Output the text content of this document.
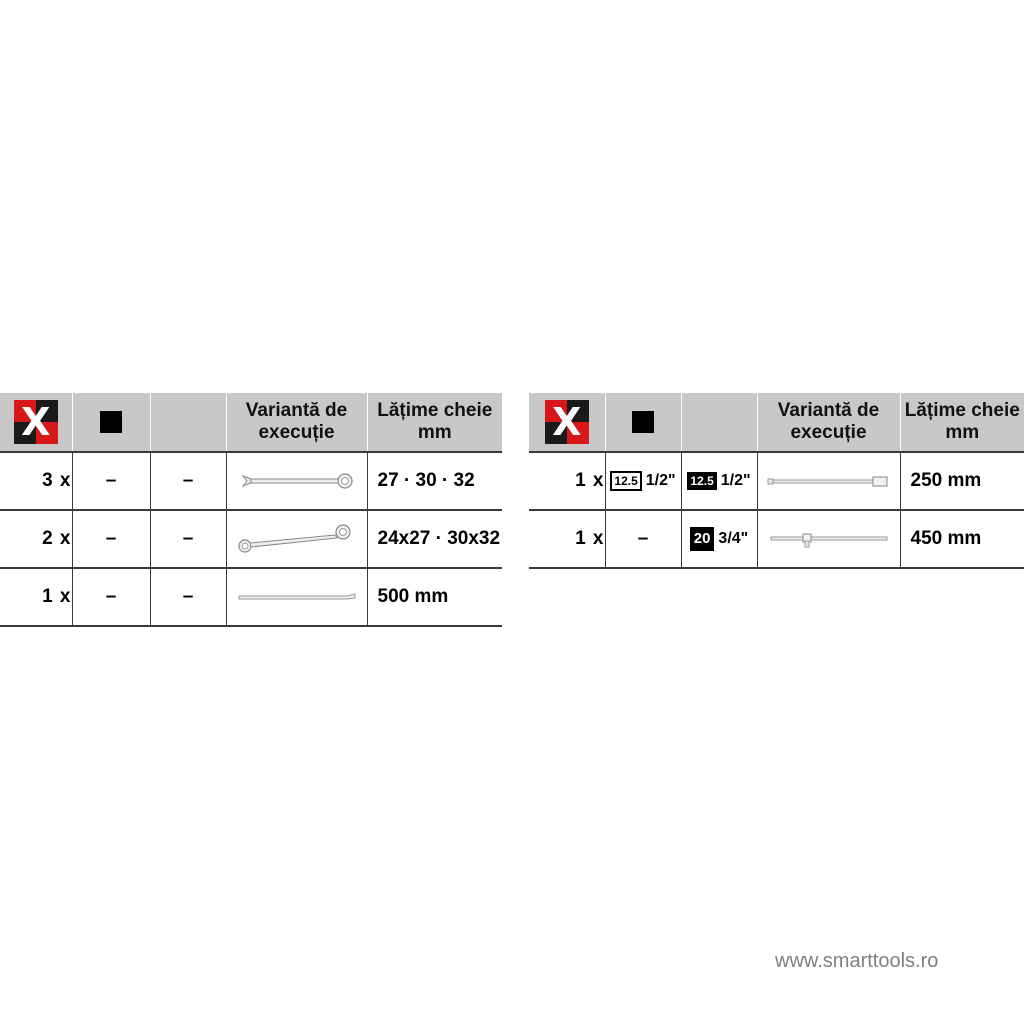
X			Variantă de execuție	Lățime cheie mm

3 x	–	–		27 · 30 · 32
2 x	–	–		24x27 · 30x32
1 x	–	–		500 mm
X			Variantă de execuție	Lățime cheie mm

1 x	12.5 1/2"	12.5 1/2"		250 mm
1 x	–	20 3/4"		450 mm
www.smarttools.ro
